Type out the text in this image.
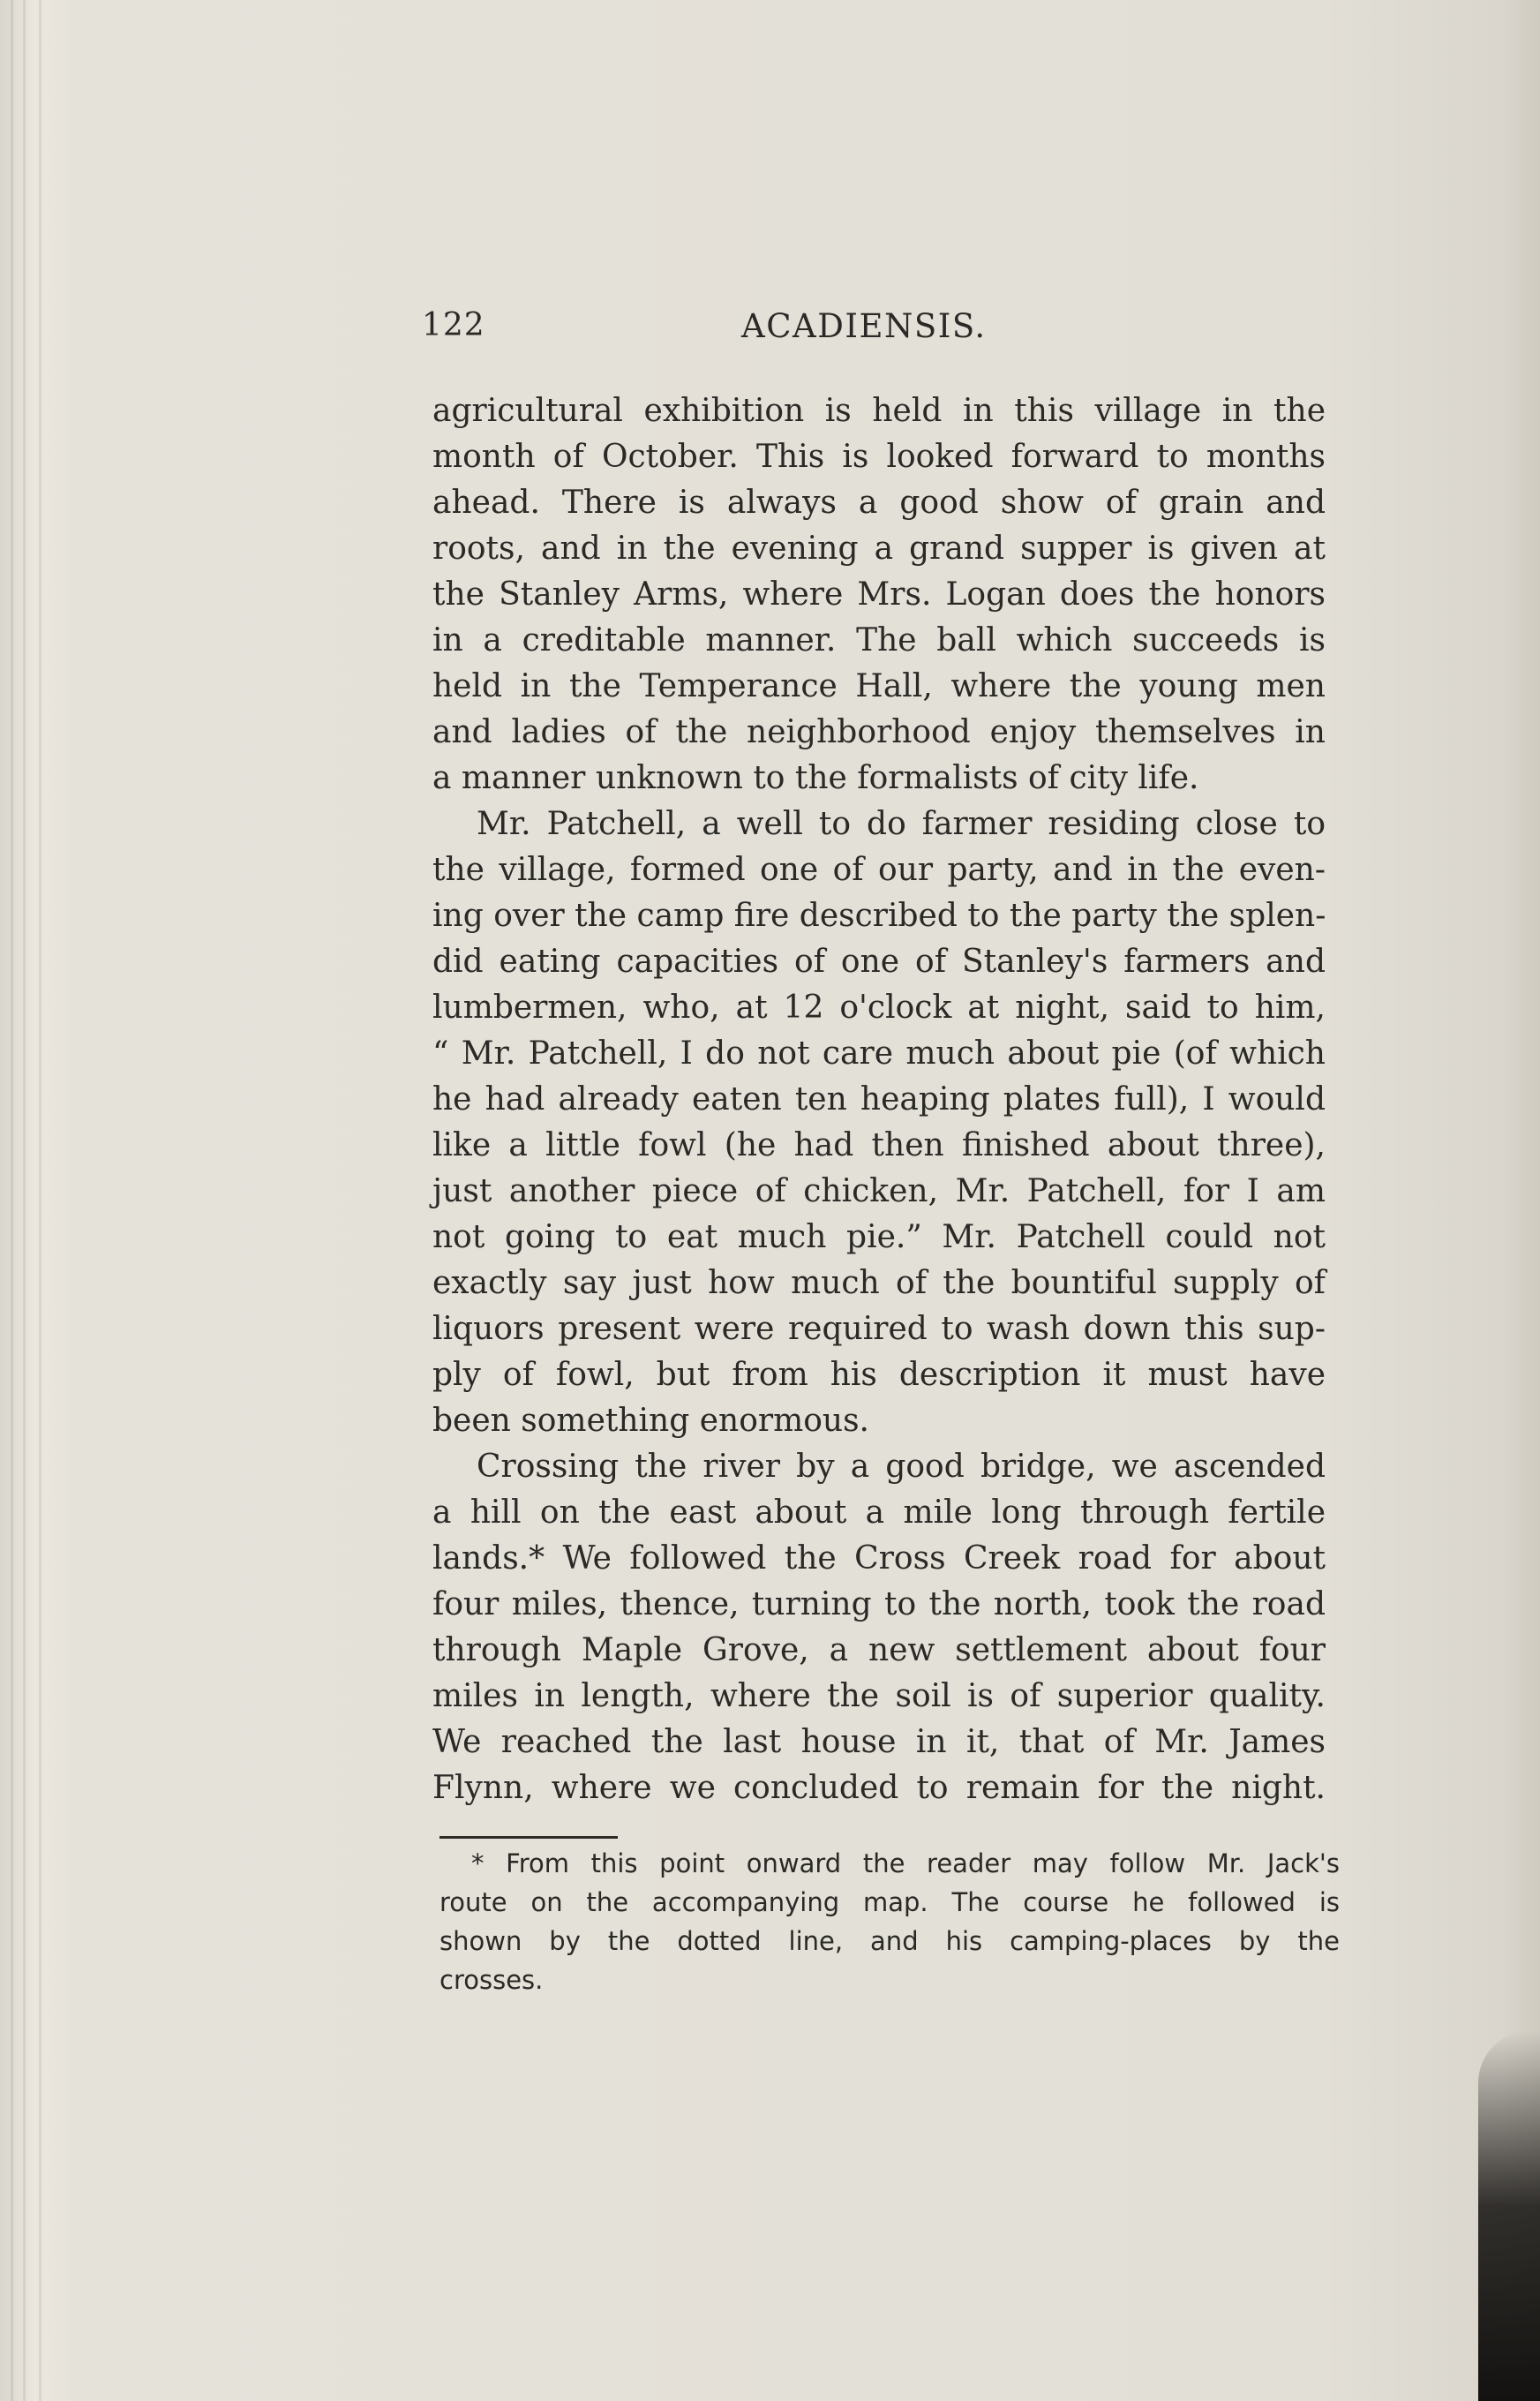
122	ACADIENSIS.
agricultural exhibition is held in this village in the
month of October. This is looked forward to months
ahead. There is always a good show of grain and
roots, and in the evening a grand supper is given at
the Stanley Arms, where Mrs. Logan does the honors
in a creditable manner. The ball which succeeds is
held in the Temperance Hall, where the young men
and ladies of the neighborhood enjoy themselves in
a manner unknown to the formalists of city life.
Mr. Patchell, a well to do farmer residing close to
the village, formed one of our party, and in the even-
ing over the camp fire described to the party the splen-
did eating capacities of one of Stanley's farmers and
lumbermen, who, at 12 o'clock at night, said to him,
“ Mr. Patchell, I do not care much about pie (of which
he had already eaten ten heaping plates full), I would
like a little fowl (he had then finished about three),
just another piece of chicken, Mr. Patchell, for I am
not going to eat much pie.” Mr. Patchell could not
exactly say just how much of the bountiful supply of
liquors present were required to wash down this sup-
ply of fowl, but from his description it must have
been something enormous.
Crossing the river by a good bridge, we ascended
a hill on the east about a mile long through fertile
lands.* We followed the Cross Creek road for about
four miles, thence, turning to the north, took the road
through Maple Grove, a new settlement about four
miles in length, where the soil is of superior quality.
We reached the last house in it, that of Mr. James
Flynn, where we concluded to remain for the night.
* From this point onward the reader may follow Mr. Jack's
route on the accompanying map. The course he followed is
shown by the dotted line, and his camping-places by the
crosses.
